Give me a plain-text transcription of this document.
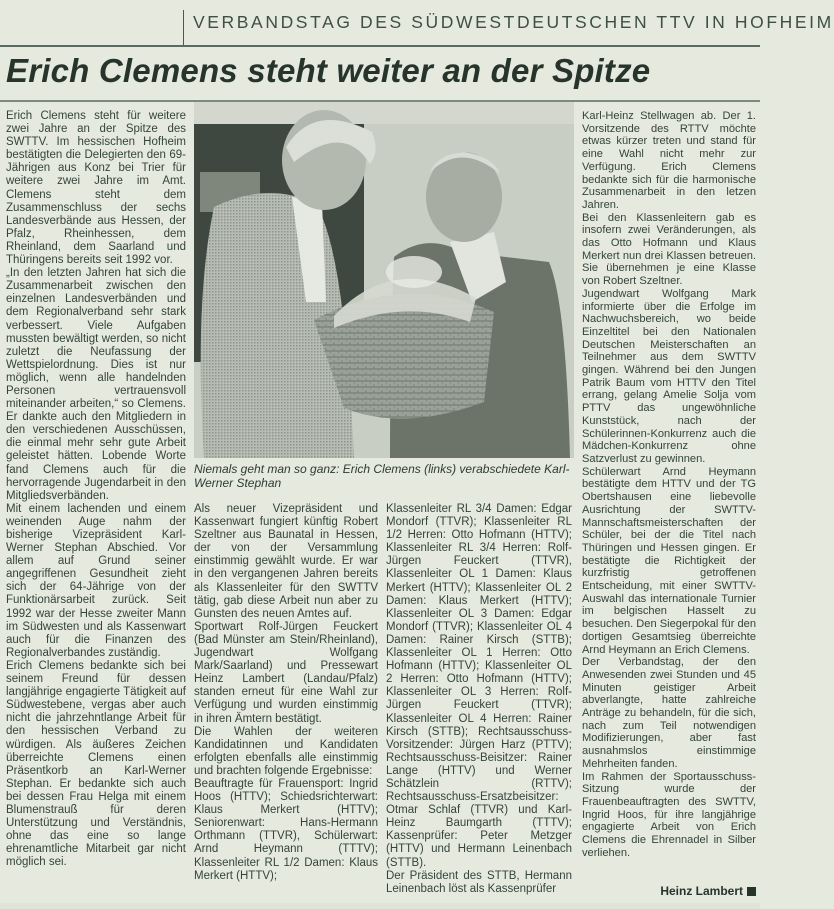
VERBANDSTAG DES SÜDWESTDEUTSCHEN TTV IN HOFHEIM
Erich Clemens steht weiter an der Spitze

Erich Clemens steht für weitere zwei Jahre an der Spitze des SWTTV. Im hessischen Hofheim bestätigten die Delegierten den 69-Jährigen aus Konz bei Trier für weitere zwei Jahre im Amt. Clemens steht dem Zusammenschluss der sechs Landesverbände aus Hessen, der Pfalz, Rheinhessen, dem Rheinland, dem Saarland und Thüringens bereits seit 1992 vor.

„In den letzten Jahren hat sich die Zusammenarbeit zwischen den einzelnen Landesverbänden und dem Regionalverband sehr stark verbessert. Viele Aufgaben mussten bewältigt werden, so nicht zuletzt die Neufassung der Wettspielordnung. Dies ist nur möglich, wenn alle handelnden Personen vertrauensvoll miteinander arbeiten,“ so Clemens. Er dankte auch den Mitgliedern in den verschiedenen Ausschüssen, die einmal mehr sehr gute Arbeit geleistet hätten. Lobende Worte fand Clemens auch für die hervorragende Jugendarbeit in den Mitgliedsverbänden.

Mit einem lachenden und einem weinenden Auge nahm der bisherige Vizepräsident Karl-Werner Stephan Abschied. Vor allem auf Grund seiner angegriffenen Gesundheit zieht sich der 64-Jährige von der Funktionärsarbeit zurück. Seit 1992 war der Hesse zweiter Mann im Südwesten und als Kassenwart auch für die Finanzen des Regionalverbandes zuständig.

Erich Clemens bedankte sich bei seinem Freund für dessen langjährige engagierte Tätigkeit auf Südwestebene, vergas aber auch nicht die jahrzehntlange Arbeit für den hessischen Verband zu würdigen. Als äußeres Zeichen überreichte Clemens einen Präsentkorb an Karl-Werner Stephan. Er bedankte sich auch bei dessen Frau Helga mit einem Blumenstrauß für deren Unterstützung und Verständnis, ohne das eine so lange ehrenamtliche Mitarbeit gar nicht möglich sei.

Niemals geht man so ganz: Erich Clemens (links) verabschiedete Karl-Werner Stephan

Als neuer Vizepräsident und Kassenwart fungiert künftig Robert Szeltner aus Baunatal in Hessen, der von der Versammlung einstimmig gewählt wurde. Er war in den vergangenen Jahren bereits als Klassenleiter für den SWTTV tätig, gab diese Arbeit nun aber zu Gunsten des neuen Amtes auf.

Sportwart Rolf-Jürgen Feuckert (Bad Münster am Stein/Rheinland), Jugendwart Wolfgang Mark/Saarland) und Pressewart Heinz Lambert (Landau/Pfalz) standen erneut für eine Wahl zur Verfügung und wurden einstimmig in ihren Ämtern bestätigt.

Die Wahlen der weiteren Kandidatinnen und Kandidaten erfolgten ebenfalls alle einstimmig und brachten folgende Ergebnisse:

Beauftragte für Frauensport: Ingrid Hoos (HTTV); Schiedsrichterwart: Klaus Merkert (HTTV); Seniorenwart: Hans-Hermann Orthmann (TTVR), Schülerwart: Arnd Heymann (TTTV); Klassenleiter RL 1/2 Damen: Klaus Merkert (HTTV);

Klassenleiter RL 3/4 Damen: Edgar Mondorf (TTVR); Klassenleiter RL 1/2 Herren: Otto Hofmann (HTTV); Klassenleiter RL 3/4 Herren: Rolf-Jürgen Feuckert (TTVR), Klassenleiter OL 1 Damen: Klaus Merkert (HTTV); Klassenleiter OL 2 Damen: Klaus Merkert (HTTV); Klassenleiter OL 3 Damen: Edgar Mondorf (TTVR); Klassenleiter OL 4 Damen: Rainer Kirsch (STTB); Klassenleiter OL 1 Herren: Otto Hofmann (HTTV); Klassenleiter OL 2 Herren: Otto Hofmann (HTTV); Klassenleiter OL 3 Herren: Rolf-Jürgen Feuckert (TTVR); Klassenleiter OL 4 Herren: Rainer Kirsch (STTB); Rechtsausschuss-Vorsitzender: Jürgen Harz (PTTV); Rechtsausschuss-Beisitzer: Rainer Lange (HTTV) und Werner Schätzlein (RTTV); Rechtsausschuss-Ersatzbeisitzer: Otmar Schlaf (TTVR) und Karl-Heinz Baumgarth (TTTV); Kassenprüfer: Peter Metzger (HTTV) und Hermann Leinenbach (STTB).

Der Präsident des STTB, Hermann Leinenbach löst als Kassenprüfer

Karl-Heinz Stellwagen ab. Der 1. Vorsitzende des RTTV möchte etwas kürzer treten und stand für eine Wahl nicht mehr zur Verfügung. Erich Clemens bedankte sich für die harmonische Zusammenarbeit in den letzen Jahren.

Bei den Klassenleitern gab es insofern zwei Veränderungen, als das Otto Hofmann und Klaus Merkert nun drei Klassen betreuen. Sie übernehmen je eine Klasse von Robert Szeltner.

Jugendwart Wolfgang Mark informierte über die Erfolge im Nachwuchsbereich, wo beide Einzeltitel bei den Nationalen Deutschen Meisterschaften an Teilnehmer aus dem SWTTV gingen. Während bei den Jungen Patrik Baum vom HTTV den Titel errang, gelang Amelie Solja vom PTTV das ungewöhnliche Kunststück, nach der Schülerinnen-Konkurrenz auch die Mädchen-Konkurrenz ohne Satzverlust zu gewinnen.

Schülerwart Arnd Heymann bestätigte dem HTTV und der TG Obertshausen eine liebevolle Ausrichtung der SWTTV-Mannschaftsmeisterschaften der Schüler, bei der die Titel nach Thüringen und Hessen gingen. Er bestätigte die Richtigkeit der kurzfristig getroffenen Entscheidung, mit einer SWTTV-Auswahl das internationale Turnier im belgischen Hasselt zu besuchen. Den Siegerpokal für den dortigen Gesamtsieg überreichte Arnd Heymann an Erich Clemens.

Der Verbandstag, der den Anwesenden zwei Stunden und 45 Minuten geistiger Arbeit abverlangte, hatte zahlreiche Anträge zu behandeln, für die sich, nach zum Teil notwendigen Modifizierungen, aber fast ausnahmslos einstimmige Mehrheiten fanden.

Im Rahmen der Sportausschuss-Sitzung wurde der Frauenbeauftragten des SWTTV, Ingrid Hoos, für ihre langjährige engagierte Arbeit von Erich Clemens die Ehrennadel in Silber verliehen.

Heinz Lambert
